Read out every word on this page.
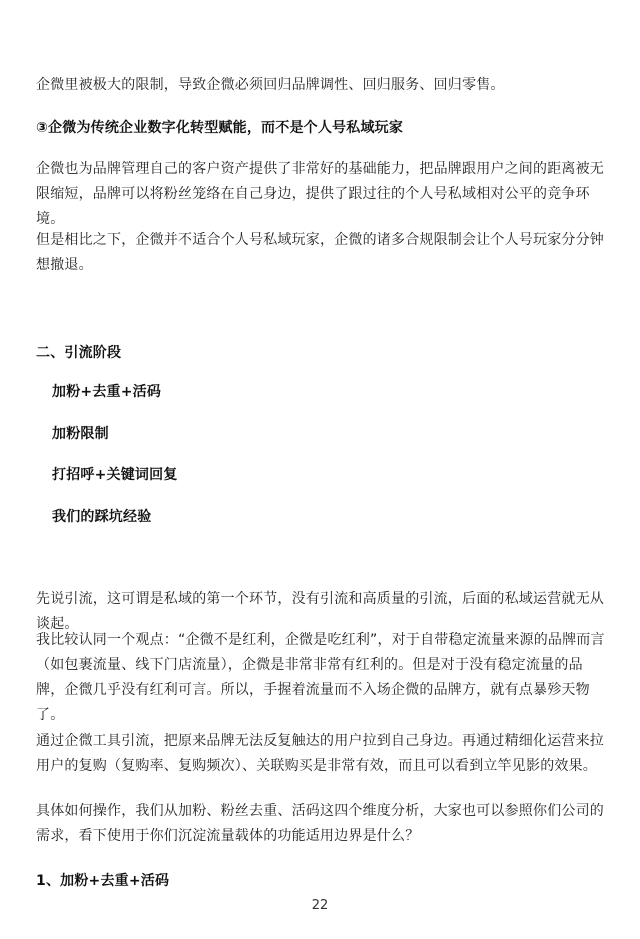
企微里被极大的限制，导致企微必须回归品牌调性、回归服务、回归零售。

③企微为传统企业数字化转型赋能，而不是个人号私域玩家

企微也为品牌管理自己的客户资产提供了非常好的基础能力，把品牌跟用户之间的距离被无限缩短，品牌可以将粉丝笼络在自己身边，提供了跟过往的个人号私域相对公平的竞争环境。

但是相比之下，企微并不适合个人号私域玩家，企微的诸多合规限制会让个人号玩家分分钟想撤退。

二、引流阶段

加粉+去重+活码

加粉限制

打招呼+关键词回复

我们的踩坑经验

先说引流，这可谓是私域的第一个环节，没有引流和高质量的引流，后面的私域运营就无从谈起。

我比较认同一个观点：“企微不是红利，企微是吃红利”，对于自带稳定流量来源的品牌而言（如包裹流量、线下门店流量），企微是非常非常有红利的。但是对于没有稳定流量的品牌，企微几乎没有红利可言。所以，手握着流量而不入场企微的品牌方，就有点暴殄天物了。

通过企微工具引流，把原来品牌无法反复触达的用户拉到自己身边。再通过精细化运营来拉用户的复购（复购率、复购频次）、关联购买是非常有效，而且可以看到立竿见影的效果。

具体如何操作，我们从加粉、粉丝去重、活码这四个维度分析，大家也可以参照你们公司的需求，看下使用于你们沉淀流量载体的功能适用边界是什么？

1、加粉+去重+活码

22
